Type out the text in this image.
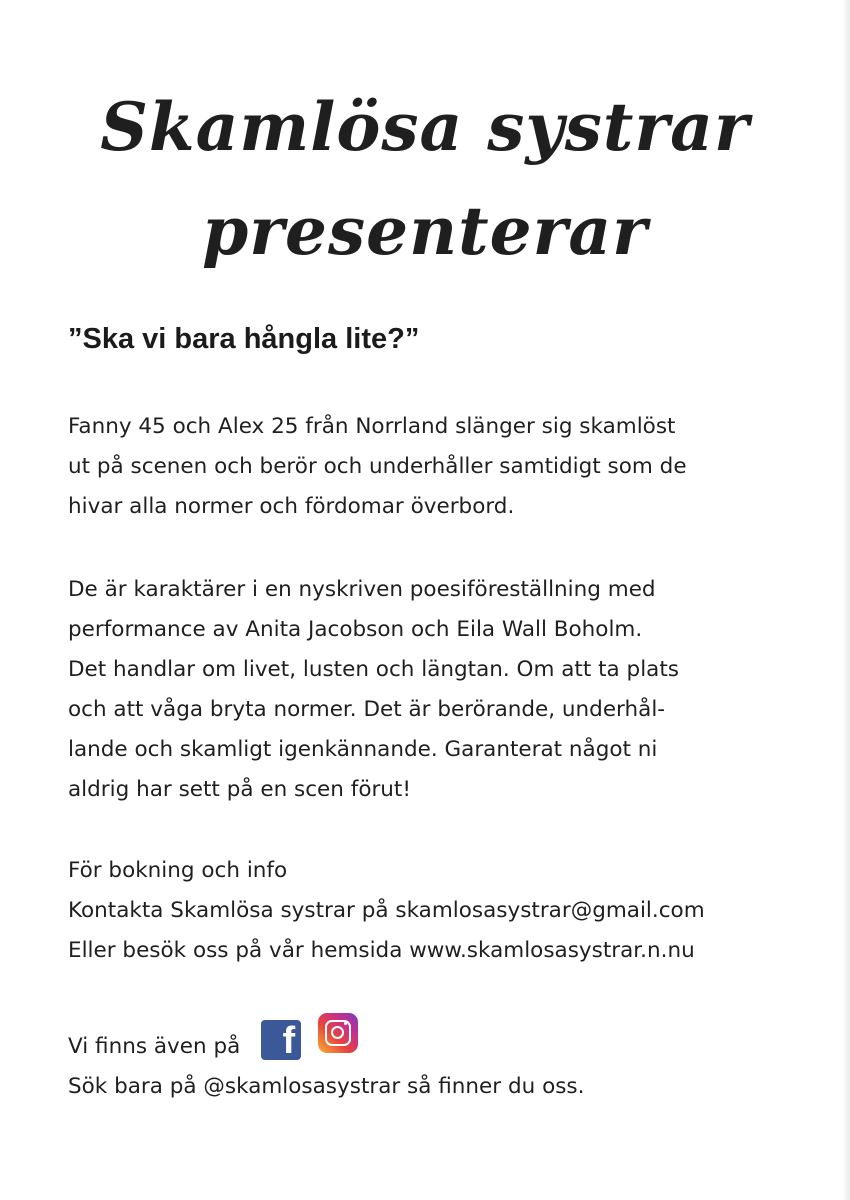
Skamlösa systrar
presenterar
”Ska vi bara hångla lite?”
Fanny 45 och Alex 25 från Norrland slänger sig skamlöst
ut på scenen och berör och underhåller samtidigt som de
hivar alla normer och fördomar överbord.
De är karaktärer i en nyskriven poesiföreställning med
performance av Anita Jacobson och Eila Wall Boholm.
Det handlar om livet, lusten och längtan. Om att ta plats
och att våga bryta normer. Det är berörande, underhål-
lande och skamligt igenkännande. Garanterat något ni
aldrig har sett på en scen förut!
För bokning och info
Kontakta Skamlösa systrar på skamlosasystrar@gmail.com
Eller besök oss på vår hemsida www.skamlosasystrar.n.nu
Vi finns även på f
Sök bara på @skamlosasystrar så finner du oss.
